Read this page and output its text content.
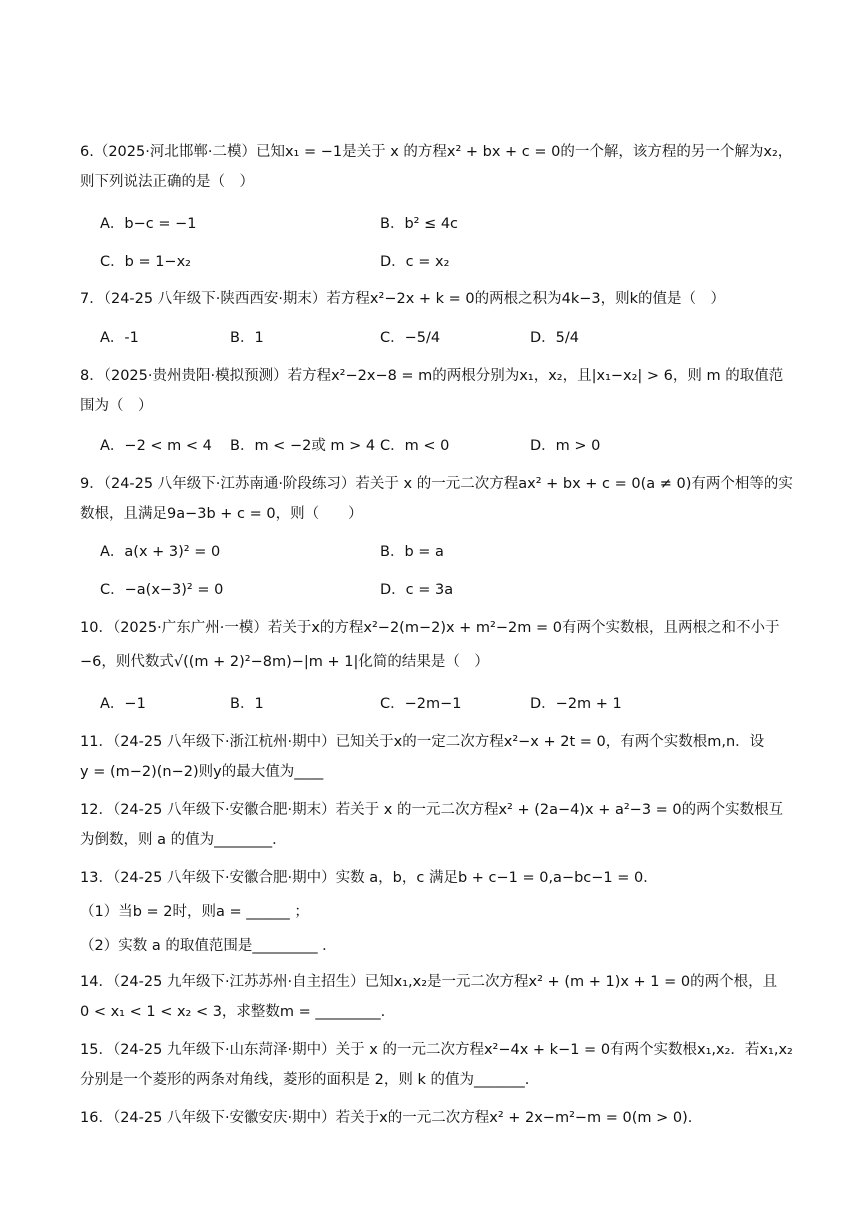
6.（2025·河北邯郸·二模）已知x₁ = −1是关于 x 的方程x² + bx + c = 0的一个解，该方程的另一个解为x₂，
则下列说法正确的是（　）
A．b−c = −1	B．b² ≤ 4c
C．b = 1−x₂	D．c = x₂
7．（24-25 八年级下·陕西西安·期末）若方程x²−2x + k = 0的两根之积为4k−3，则k的值是（　）
A．-1	B．1	C．−5/4	D．5/4
8．（2025·贵州贵阳·模拟预测）若方程x²−2x−8 = m的两根分别为x₁，x₂，且|x₁−x₂| > 6，则 m 的取值范
围为（　）
A．−2 < m < 4 B．m < −2或 m > 4 C．m < 0	D．m > 0
9．（24-25 八年级下·江苏南通·阶段练习）若关于 x 的一元二次方程ax² + bx + c = 0(a ≠ 0)有两个相等的实
数根，且满足9a−3b + c = 0，则（　　）
A．a(x + 3)² = 0	B．b = a
C．−a(x−3)² = 0	D．c = 3a
10．（2025·广东广州·一模）若关于x的方程x²−2(m−2)x + m²−2m = 0有两个实数根，且两根之和不小于
−6，则代数式√((m + 2)²−8m)−|m + 1|化简的结果是（　）
A．−1	B．1	C．−2m−1	D．−2m + 1
11．（24-25 八年级下·浙江杭州·期中）已知关于x的一定二次方程x²−x + 2t = 0，有两个实数根m,n．设
y = (m−2)(n−2)则y的最大值为____
12．（24-25 八年级下·安徽合肥·期末）若关于 x 的一元二次方程x² + (2a−4)x + a²−3 = 0的两个实数根互
为倒数，则 a 的值为________．
13．（24-25 八年级下·安徽合肥·期中）实数 a，b，c 满足b + c−1 = 0,a−bc−1 = 0．
（1）当b = 2时，则a = ______ ；
（2）实数 a 的取值范围是_________ ．
14．（24-25 九年级下·江苏苏州·自主招生）已知x₁,x₂是一元二次方程x² + (m + 1)x + 1 = 0的两个根，且
0 < x₁ < 1 < x₂ < 3，求整数m = _________.
15．（24-25 九年级下·山东菏泽·期中）关于 x 的一元二次方程x²−4x + k−1 = 0有两个实数根x₁,x₂．若x₁,x₂
分别是一个菱形的两条对角线，菱形的面积是 2，则 k 的值为_______.
16．（24-25 八年级下·安徽安庆·期中）若关于x的一元二次方程x² + 2x−m²−m = 0(m > 0).
